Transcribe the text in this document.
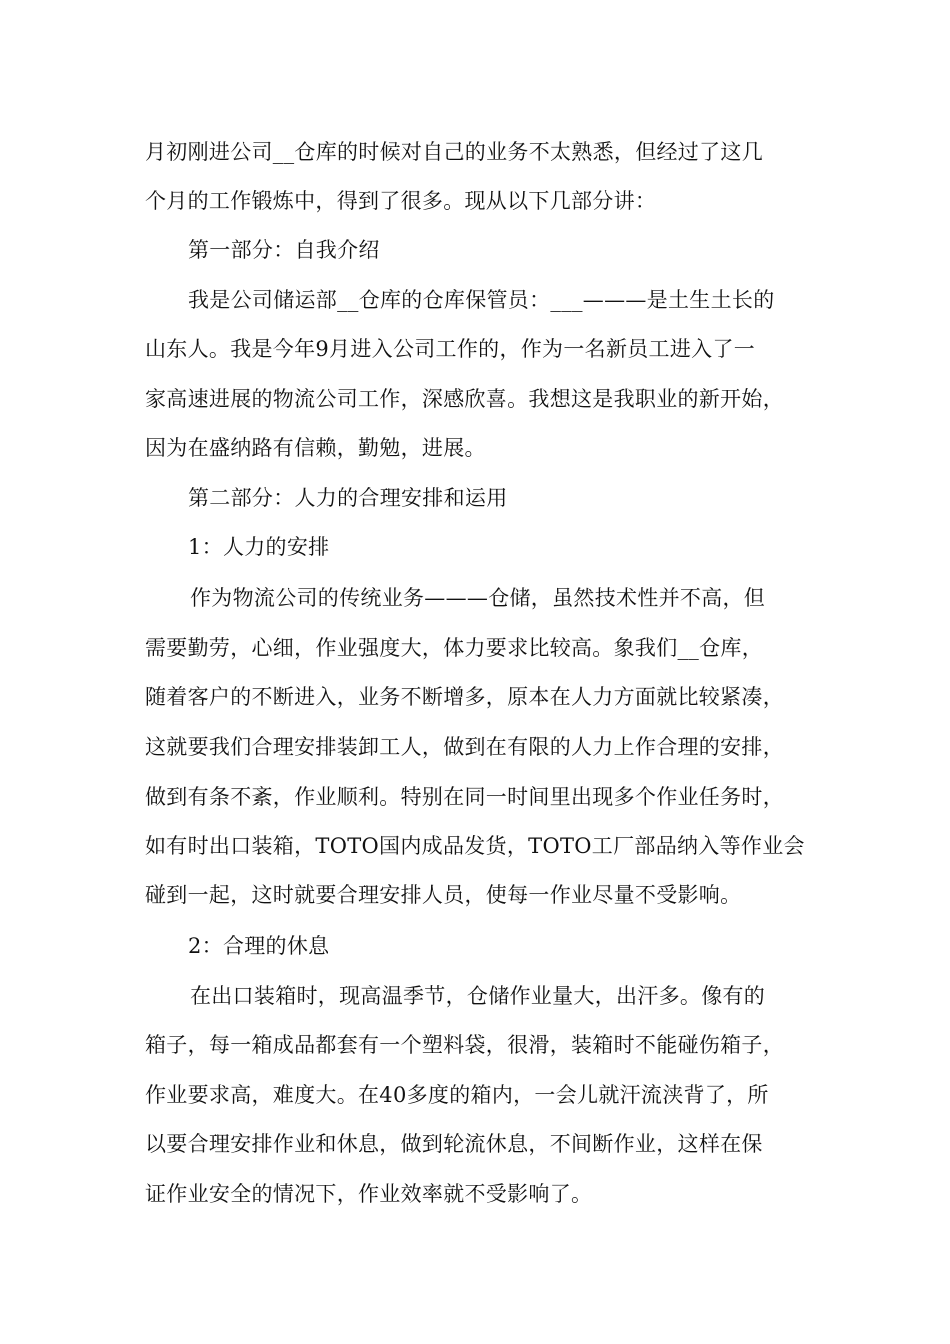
月初刚进公司__仓库的时候对自己的业务不太熟悉，但经过了这几
个月的工作锻炼中，得到了很多。现从以下几部分讲：
第一部分：自我介绍
我是公司储运部__仓库的仓库保管员：___———是土生土长的
山东人。我是今年9月进入公司工作的，作为一名新员工进入了一
家高速进展的物流公司工作，深感欣喜。我想这是我职业的新开始，
因为在盛纳路有信赖，勤勉，进展。
第二部分：人力的合理安排和运用
1：人力的安排
作为物流公司的传统业务———仓储，虽然技术性并不高，但
需要勤劳，心细，作业强度大，体力要求比较高。象我们__仓库，
随着客户的不断进入，业务不断增多，原本在人力方面就比较紧凑，
这就要我们合理安排装卸工人，做到在有限的人力上作合理的安排，
做到有条不紊，作业顺利。特别在同一时间里出现多个作业任务时，
如有时出口装箱，TOTO国内成品发货，TOTO工厂部品纳入等作业会
碰到一起，这时就要合理安排人员，使每一作业尽量不受影响。
2：合理的休息
在出口装箱时，现高温季节，仓储作业量大，出汗多。像有的
箱子，每一箱成品都套有一个塑料袋，很滑，装箱时不能碰伤箱子，
作业要求高，难度大。在40多度的箱内，一会儿就汗流浃背了，所
以要合理安排作业和休息，做到轮流休息，不间断作业，这样在保
证作业安全的情况下，作业效率就不受影响了。
